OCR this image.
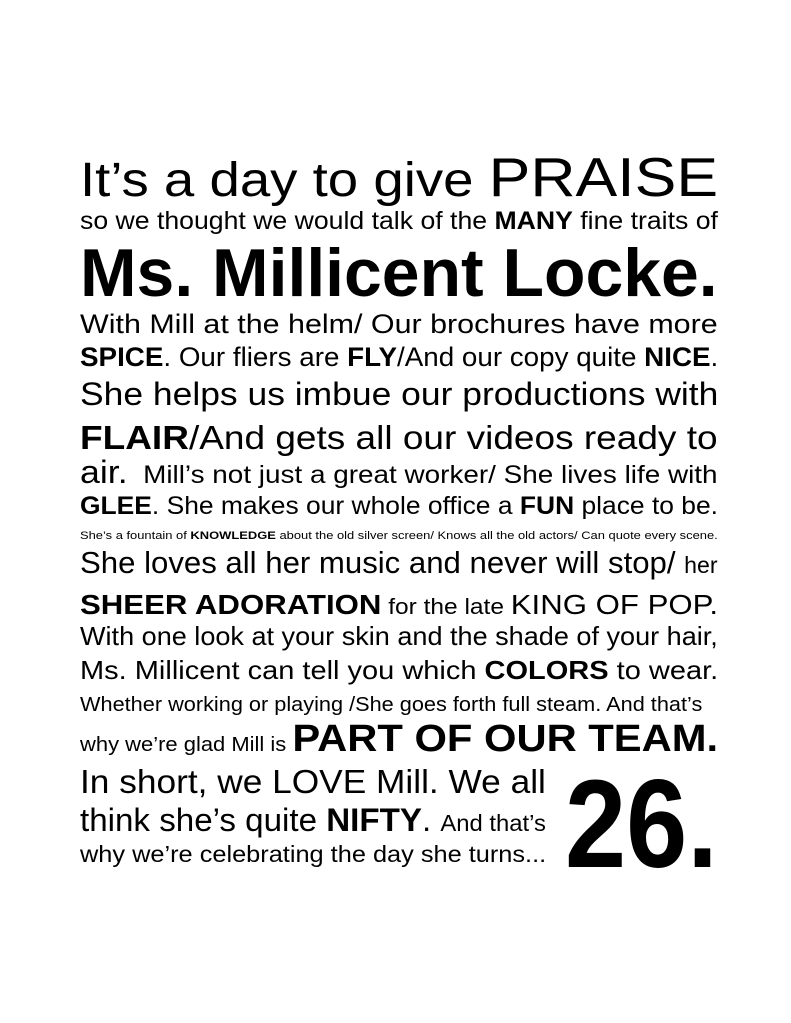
26.
It’s a day to give PRAISE
so we thought we would talk of the MANY fine traits of
Ms. Millicent Locke.
With Mill at the helm/ Our brochures have more
SPICE. Our fliers are FLY/And our copy quite NICE.
She helps us imbue our productions with
FLAIR/And gets all our videos ready to
air.  Mill’s not just a great worker/ She lives life with
GLEE. She makes our whole office a FUN place to be.
She’s a fountain of KNOWLEDGE about the old silver screen/ Knows all the old actors/ Can quote every scene.
She loves all her music and never will stop/ her
SHEER ADORATION for the late KING OF POP.
With one look at your skin and the shade of your hair,
Ms. Millicent can tell you which COLORS to wear.
Whether working or playing /She goes forth full steam. And that’s
why we’re glad Mill is PART OF OUR TEAM.
In short, we LOVE Mill. We all
think she’s quite NIFTY. And that’s
why we’re celebrating the day she turns...
